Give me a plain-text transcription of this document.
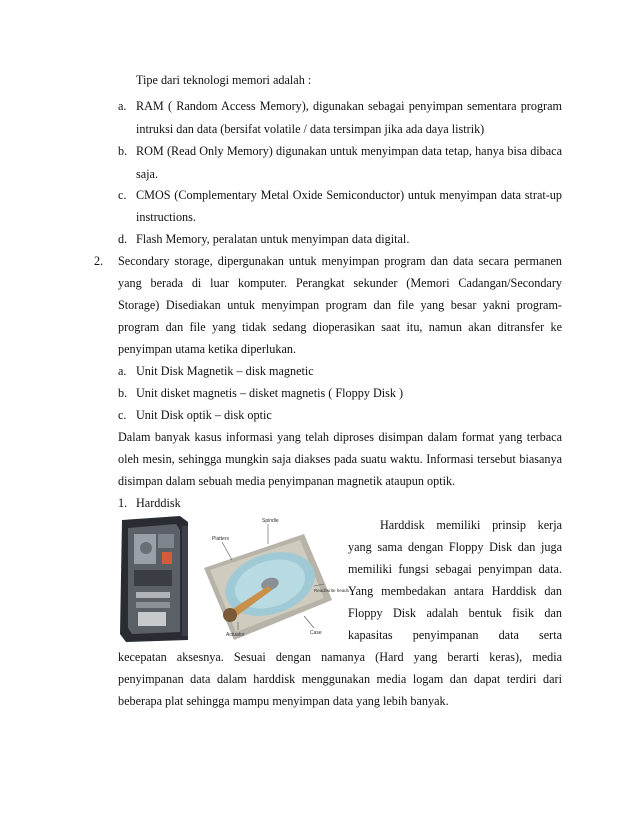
Tipe dari teknologi memori adalah :
a. RAM ( Random Access Memory), digunakan sebagai penyimpan sementara program
intruksi dan data (bersifat volatile / data tersimpan jika ada daya listrik)
b. ROM (Read Only Memory) digunakan untuk menyimpan data tetap, hanya bisa dibaca
saja.
c. CMOS (Complementary Metal Oxide Semiconductor) untuk menyimpan data strat-up
instructions.
d. Flash Memory, peralatan untuk menyimpan data digital.
2. Secondary storage, dipergunakan untuk menyimpan program dan data secara permanen
yang berada di luar komputer. Perangkat sekunder (Memori Cadangan/Secondary
Storage) Disediakan untuk menyimpan program dan file yang besar yakni program-
program dan file yang tidak sedang dioperasikan saat itu, namun akan ditransfer ke
penyimpan utama ketika diperlukan.
a. Unit Disk Magnetik – disk magnetic
b. Unit disket magnetis – disket magnetis ( Floppy Disk )
c. Unit Disk optik – disk optic
Dalam banyak kasus informasi yang telah diproses disimpan dalam format yang terbaca
oleh mesin, sehingga mungkin saja diakses pada suatu waktu. Informasi tersebut biasanya
disimpan dalam sebuah media penyimpanan magnetik ataupun optik.
1. Harddisk
Spindle
Platters
Read/write heads
Actuator	Case
Harddisk memiliki prinsip kerja
yang sama dengan Floppy Disk dan juga
memiliki fungsi sebagai penyimpan data.
Yang membedakan antara Harddisk dan
Floppy Disk adalah bentuk fisik dan
kapasitas penyimpanan data serta
kecepatan aksesnya. Sesuai dengan namanya (Hard yang berarti keras), media
penyimpanan data dalam harddisk menggunakan media logam dan dapat terdiri dari
beberapa plat sehingga mampu menyimpan data yang lebih banyak.
